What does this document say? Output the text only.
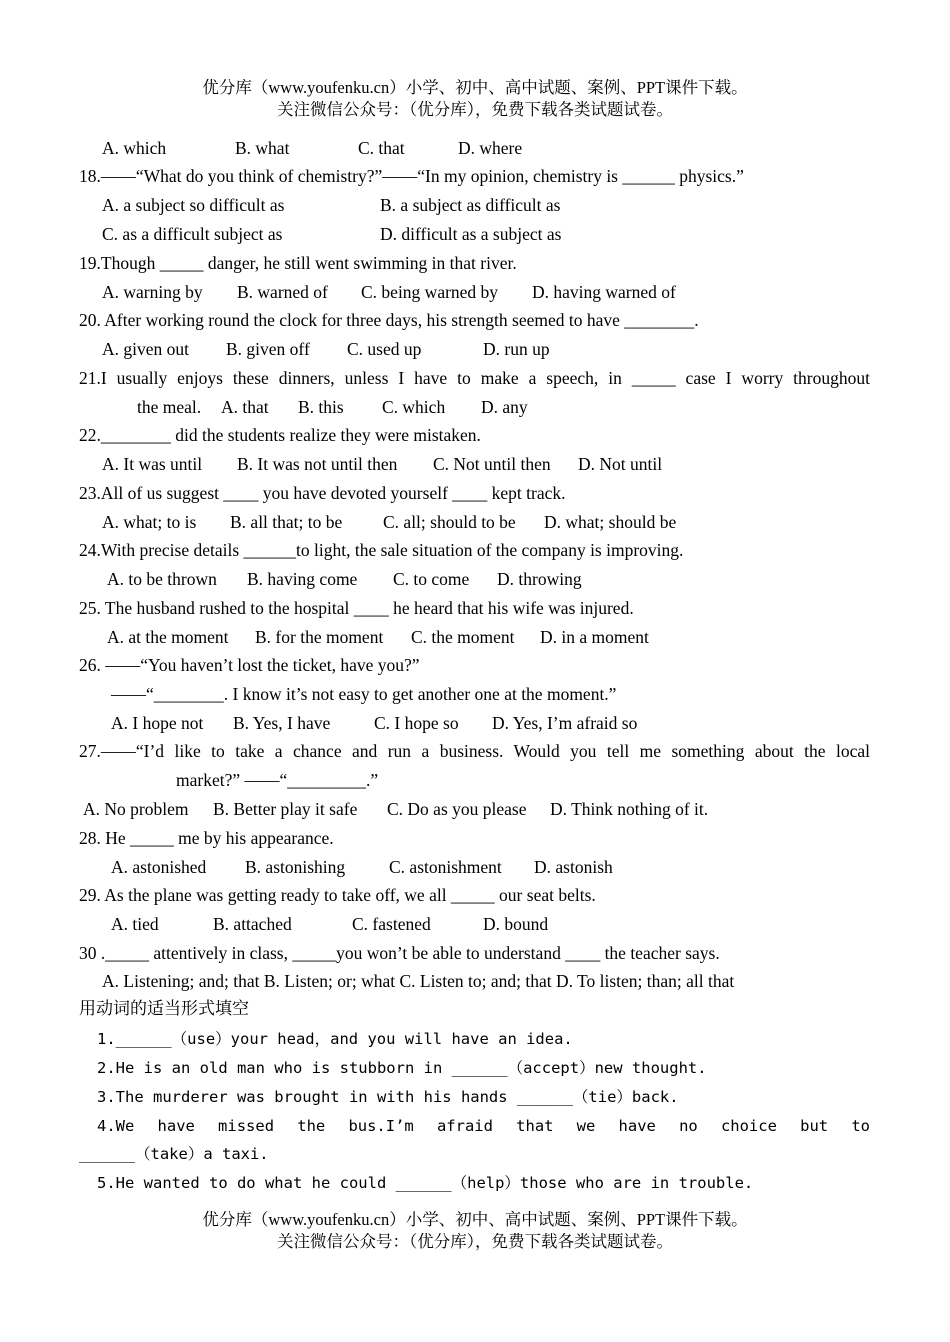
优分库（www.youfenku.cn）小学、初中、高中试题、案例、PPT课件下载。
关注微信公众号：（优分库），免费下载各类试题试卷。
A. which	B. what	C. that	D. where
18.——“What do you think of chemistry?”——“In my opinion, chemistry is ______ physics.”
A. a subject so difficult as	B. a subject as difficult as
C. as a difficult subject as	D. difficult as a subject as
19.Though _____ danger, he still went swimming in that river.
A. warning by B. warned of C. being warned by D. having warned of
20. After working round the clock for three days, his strength seemed to have ________.
A. given out B. given off C. used up	D. run up
21.I usually enjoys these dinners, unless I have to make a speech, in _____ case I worry throughout
the meal. A. that B. this C. which D. any
22.________ did the students realize they were mistaken.
A. It was until B. It was not until then C. Not until then D. Not until
23.All of us suggest ____ you have devoted yourself ____ kept track.
A. what; to is B. all that; to be C. all; should to be D. what; should be
24.With precise details ______to light, the sale situation of the company is improving.
A. to be thrown B. having come C. to come D. throwing
25. The husband rushed to the hospital ____ he heard that his wife was injured.
A. at the moment B. for the moment C. the moment D. in a moment
26. ——“You haven’t lost the ticket, have you?”
——“________. I know it’s not easy to get another one at the moment.”
A. I hope not B. Yes, I have	C. I hope so D. Yes, I’m afraid so
27.——“I’d like to take a chance and run a business. Would you tell me something about the local
market?” ——“_________.”
A. No problem B. Better play it safe C. Do as you please D. Think nothing of it.
28. He _____ me by his appearance.
A. astonished B. astonishing	C. astonishment D. astonish
29. As the plane was getting ready to take off, we all _____ our seat belts.
A. tied	B. attached	C. fastened	D. bound
30 ._____ attentively in class, _____you won’t be able to understand ____ the teacher says.
A. Listening; and; that B. Listen; or; what C. Listen to; and; that D. To listen; than; all that
用动词的适当形式填空
1.______（use）your head，and you will have an idea.
2.He is an old man who is stubborn in ______（accept）new thought.
3.The murderer was brought in with his hands ______（tie）back.
4.We have missed the bus.I’m afraid that we have no choice but to
______（take）a taxi.
5.He wanted to do what he could ______（help）those who are in trouble.
优分库（www.youfenku.cn）小学、初中、高中试题、案例、PPT课件下载。
关注微信公众号：（优分库），免费下载各类试题试卷。
